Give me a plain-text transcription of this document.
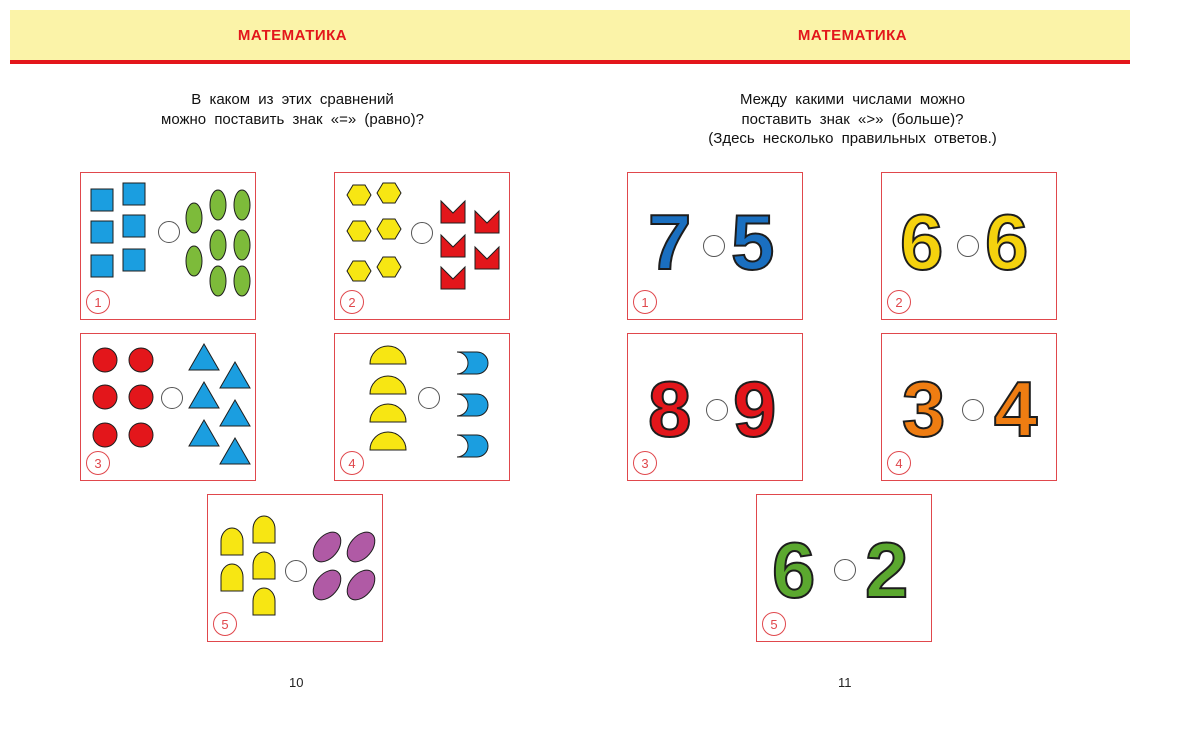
МАТЕМАТИКА
В каком из этих сравнений
можно поставить знак «=» (равно)?
1	2
3	4
5
10
МАТЕМАТИКА
Между какими числами можно
поставить знак «>» (больше)?
(Здесь несколько правильных ответов.)
7 5
1
6 6
2
8 9
3
3 4
4
6 2
5
11
